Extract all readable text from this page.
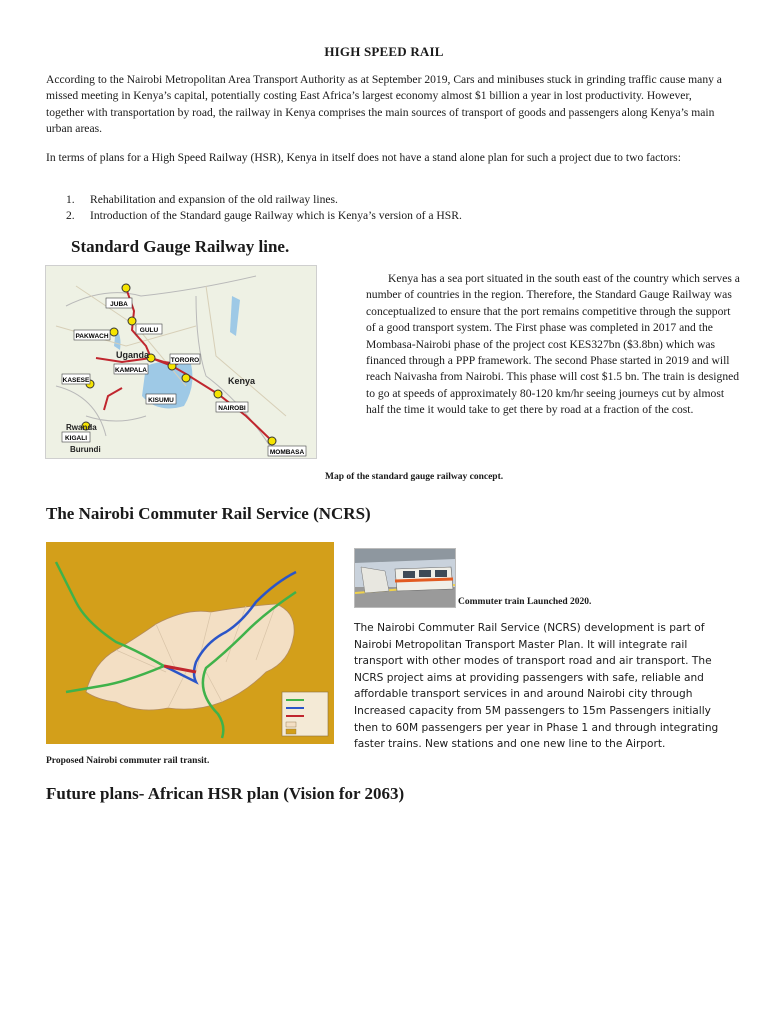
HIGH SPEED RAIL
According to the Nairobi Metropolitan Area Transport Authority as at September 2019, Cars and minibuses stuck in grinding traffic cause many a missed meeting in Kenya’s capital, potentially costing East Africa’s largest economy almost $1 billion a year in lost productivity. However, together with transportation by road, the railway in Kenya comprises the main sources of transport of goods and passengers along Kenya’s main urban areas.
In terms of plans for a High Speed Railway (HSR), Kenya in itself does not have a stand alone plan for such a project due to two factors:
1.	Rehabilitation and expansion of the old railway lines.
2.	Introduction of the Standard gauge Railway which is Kenya’s version of a HSR.
Standard Gauge Railway line.
JUBA
GULU
PAKWACH
KAMPALA
TORORO
KASESE
KISUMU
NAIROBI
KIGALI
MOMBASA
Uganda
Kenya
Rwanda
Burundi
Kenya has a sea port situated in the south east of the country which serves a number of countries in the region. Therefore, the Standard Gauge Railway was conceptualized to ensure that the port remains competitive through the support of a good transport system. The First phase was completed in 2017 and the Mombasa-Nairobi phase of the project cost KES327bn ($3.8bn) which was financed through a PPP framework. The second Phase started in 2019 and will reach Naivasha from Nairobi. This phase will cost $1.5 bn. The train is designed to go at speeds of approximately 80-120 km/hr seeing journeys cut by almost half the time it would take to get there by road at a fraction of the cost.
Map of the standard gauge railway concept.
The Nairobi Commuter Rail Service (NCRS)
Commuter train Launched 2020.
The Nairobi Commuter Rail Service (NCRS) development is part of Nairobi Metropolitan Transport Master Plan. It will integrate rail transport with other modes of transport road and air transport. The NCRS project aims at providing passengers with safe, reliable and affordable transport services in and around Nairobi city through Increased capacity from 5M passengers to 15m Passengers initially then to 60M passengers per year in Phase 1 and through integrating faster trains. New stations and one new line to the Airport.
Proposed Nairobi commuter rail transit.
Future plans- African HSR plan (Vision for 2063)
